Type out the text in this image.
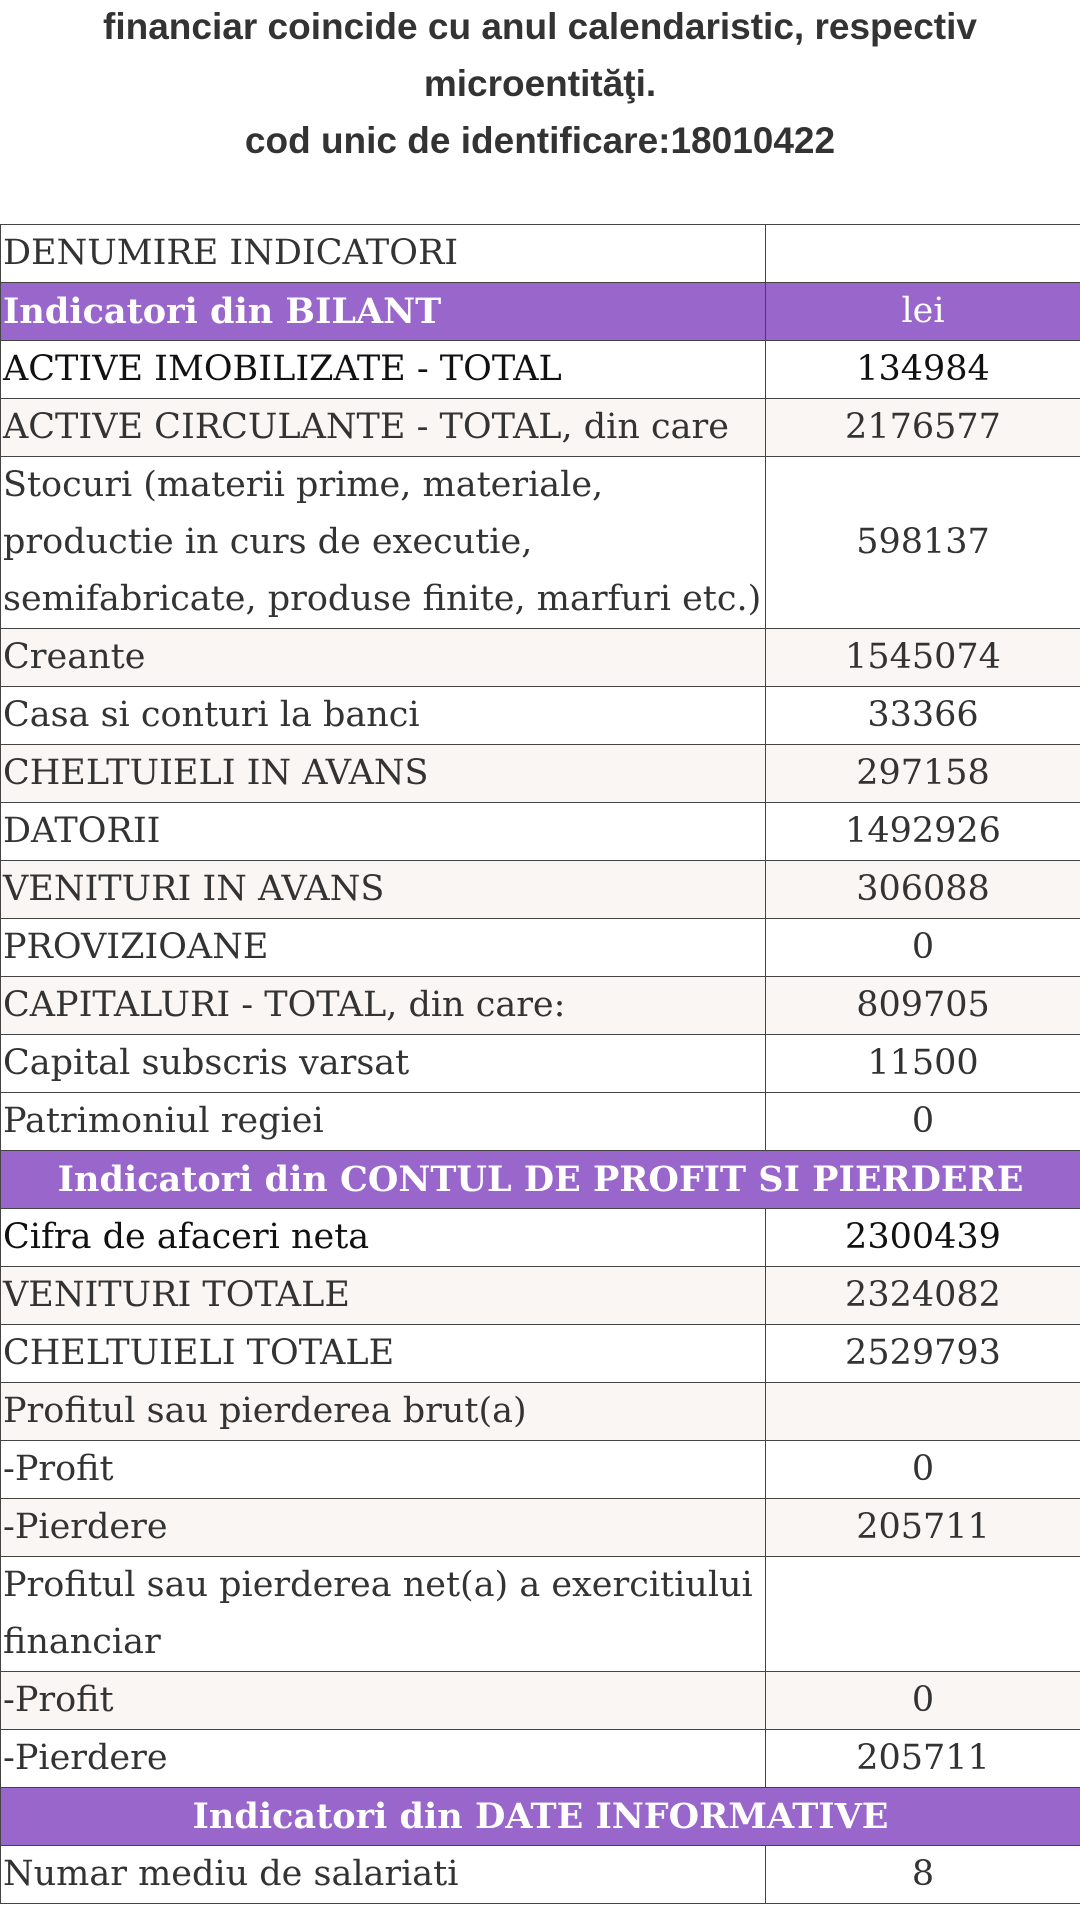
financiar coincide cu anul calendaristic, respectiv
microentităţi.
cod unic de identificare:18010422
DENUMIRE INDICATORI	
Indicatori din BILANT	lei
ACTIVE IMOBILIZATE - TOTAL	134984
ACTIVE CIRCULANTE - TOTAL, din care	2176577
Stocuri (materii prime, materiale, productie in curs de executie, semifabricate, produse finite, marfuri etc.)	598137
Creante	1545074
Casa si conturi la banci	33366
CHELTUIELI IN AVANS	297158
DATORII	1492926
VENITURI IN AVANS	306088
PROVIZIOANE	0
CAPITALURI - TOTAL, din care:	809705
Capital subscris varsat	11500
Patrimoniul regiei	0
Indicatori din CONTUL DE PROFIT SI PIERDERE	
Cifra de afaceri neta	2300439
VENITURI TOTALE	2324082
CHELTUIELI TOTALE	2529793
Profitul sau pierderea brut(a)	
-Profit	0
-Pierdere	205711
Profitul sau pierderea net(a) a exercitiului financiar	
-Profit	0
-Pierdere	205711
Indicatori din DATE INFORMATIVE	
Numar mediu de salariati	8
